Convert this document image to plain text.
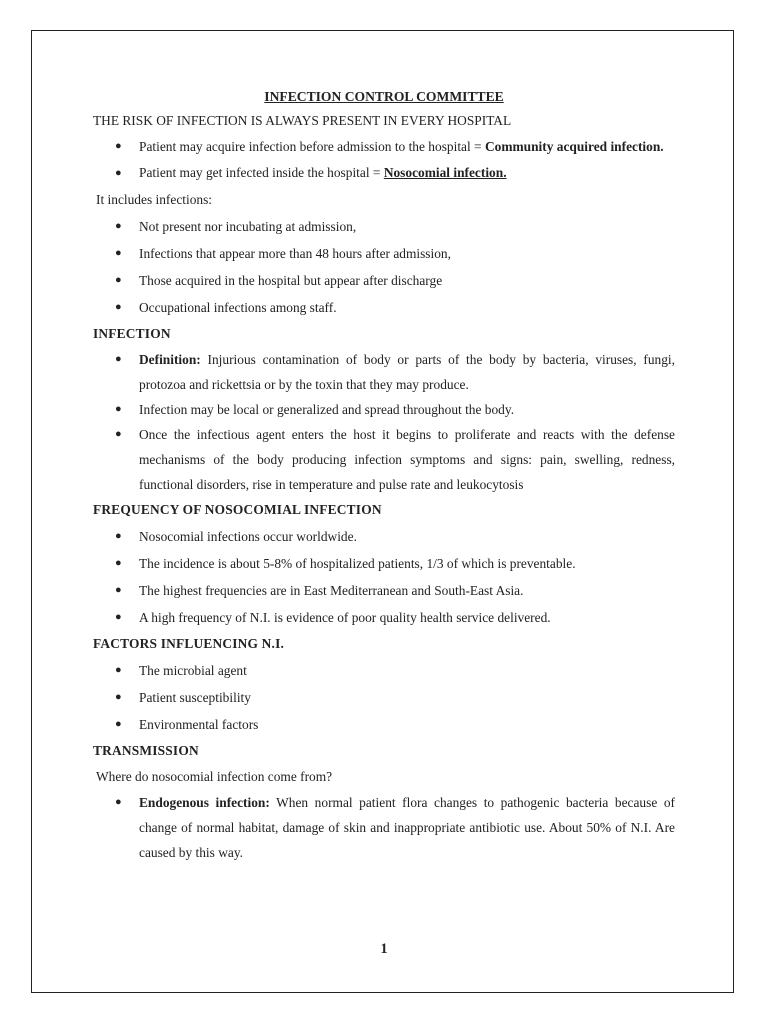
INFECTION CONTROL COMMITTEE

THE RISK OF INFECTION IS ALWAYS PRESENT IN EVERY HOSPITAL

● Patient may acquire infection before admission to the hospital = Community acquired infection.
● Patient may get infected inside the hospital = Nosocomial infection.

It includes infections:

● Not present nor incubating at admission,
● Infections that appear more than 48 hours after admission,
● Those acquired in the hospital but appear after discharge
● Occupational infections among staff.

INFECTION

● Definition: Injurious contamination of body or parts of the body by bacteria, viruses, fungi, protozoa and rickettsia or by the toxin that they may produce.
● Infection may be local or generalized and spread throughout the body.
● Once the infectious agent enters the host it begins to proliferate and reacts with the defense mechanisms of the body producing infection symptoms and signs: pain, swelling, redness, functional disorders, rise in temperature and pulse rate and leukocytosis

FREQUENCY OF NOSOCOMIAL INFECTION

● Nosocomial infections occur worldwide.
● The incidence is about 5-8% of hospitalized patients, 1/3 of which is preventable.
● The highest frequencies are in East Mediterranean and South-East Asia.
● A high frequency of N.I. is evidence of poor quality health service delivered.

FACTORS INFLUENCING N.I.

● The microbial agent
● Patient susceptibility
● Environmental factors

TRANSMISSION

Where do nosocomial infection come from?

● Endogenous infection: When normal patient flora changes to pathogenic bacteria because of change of normal habitat, damage of skin and inappropriate antibiotic use. About 50% of N.I. Are caused by this way.
1
